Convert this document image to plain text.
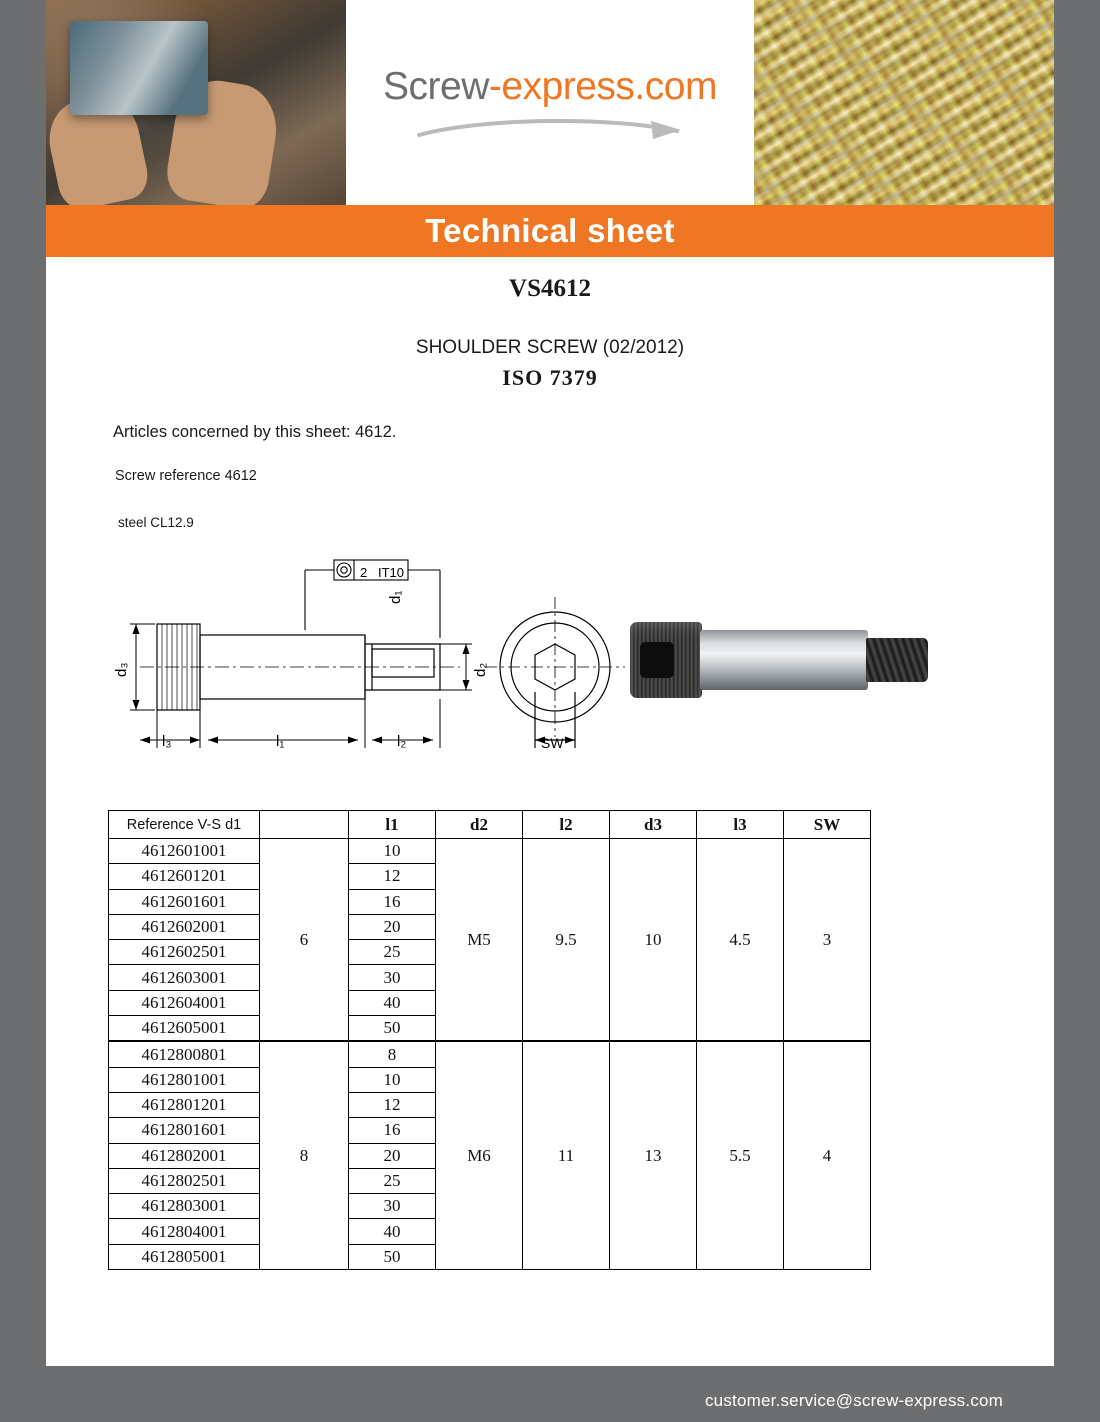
Screw-express.com
Technical sheet
VS4612
SHOULDER SCREW (02/2012)
ISO 7379
Articles concerned by this sheet: 4612.
Screw reference 4612
steel CL12.9
2 IT10
l₃	l₁	l₂
d₃	d₂
d₁
SW
Reference V-S d1		l1	d2	l2	d3	l3	SW
4612601001	6	10	M5	9.5	10	4.5	3
4612601201		12					
4612601601		16					
4612602001		20					
4612602501		25					
4612603001		30					
4612604001		40					
4612605001		50					
4612800801	8	8	M6	11	13	5.5	4
4612801001		10					
4612801201		12					
4612801601		16					
4612802001		20					
4612802501		25					
4612803001		30					
4612804001		40					
4612805001		50					
customer.service@screw-express.com
